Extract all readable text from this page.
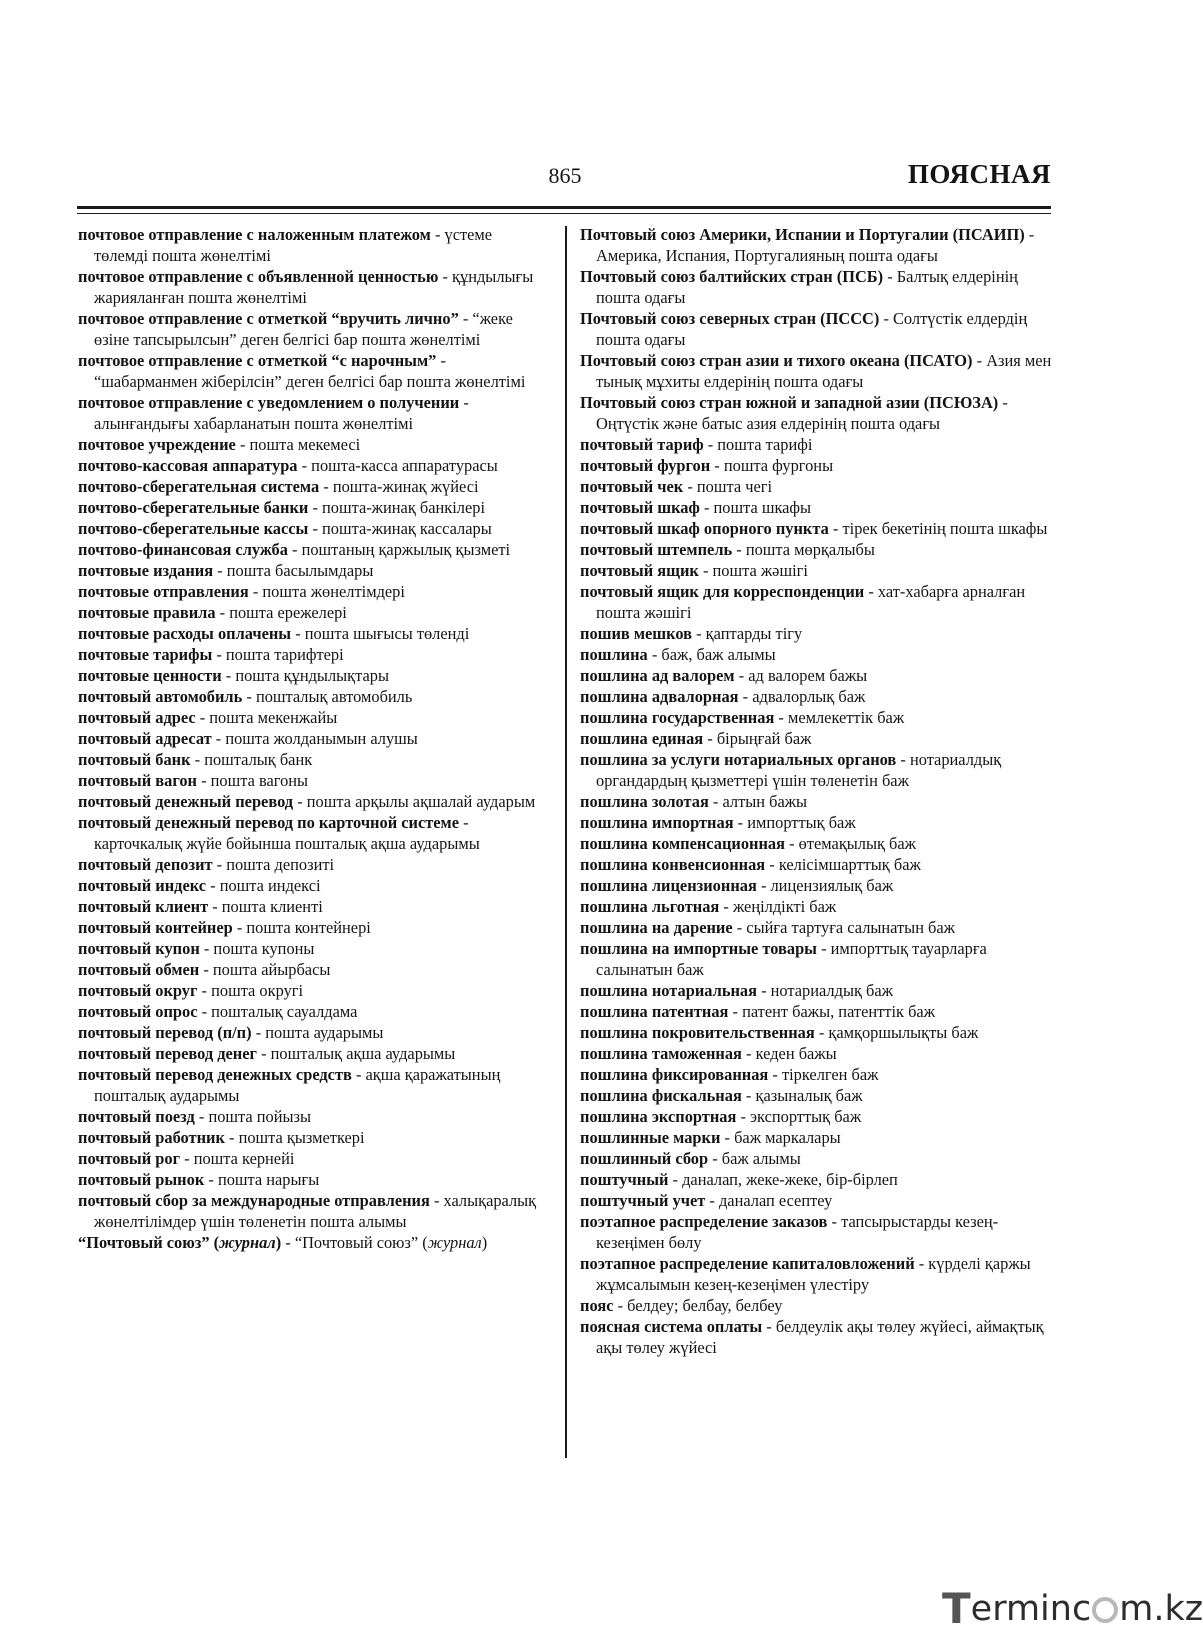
865	ПОЯСНАЯ
почтовое отправление с наложенным платежом - үстеме төлемді пошта жөнелтімі
почтовое отправление с объявленной ценностью - құндылығы жарияланған пошта жөнелтімі
почтовое отправление с отметкой “вручить лично” - “жеке өзіне тапсырылсын” деген белгісі бар пошта жөнелтімі
почтовое отправление с отметкой “с нарочным” - “шабарманмен жіберілсін” деген белгісі бар пошта жөнелтімі
почтовое отправление с уведомлением о получении - алынғандығы хабарланатын пошта жөнелтімі
почтовое учреждение - пошта мекемесі
почтово-кассовая аппаратура - пошта-касса аппаратурасы
почтово-сберегательная система - пошта-жинақ жүйесі
почтово-сберегательные банки - пошта-жинақ банкілері
почтово-сберегательные кассы - пошта-жинақ кассалары
почтово-финансовая служба - поштаның қаржылық қызметі
почтовые издания - пошта басылымдары
почтовые отправления - пошта жөнелтімдері
почтовые правила - пошта ережелері
почтовые расходы оплачены - пошта шығысы төленді
почтовые тарифы - пошта тарифтері
почтовые ценности - пошта құндылықтары
почтовый автомобиль - пошталық автомобиль
почтовый адрес - пошта мекенжайы
почтовый адресат - пошта жолданымын алушы
почтовый банк - пошталық банк
почтовый вагон - пошта вагоны
почтовый денежный перевод - пошта арқылы ақшалай аударым
почтовый денежный перевод по карточной системе - карточкалық жүйе бойынша пошталық ақша аударымы
почтовый депозит - пошта депозиті
почтовый индекс - пошта индексі
почтовый клиент - пошта клиенті
почтовый контейнер - пошта контейнері
почтовый купон - пошта купоны
почтовый обмен - пошта айырбасы
почтовый округ - пошта округі
почтовый опрос - пошталық сауалдама
почтовый перевод (п/п) - пошта аударымы
почтовый перевод денег - пошталық ақша аударымы
почтовый перевод денежных средств - ақша қаражатының пошталық аударымы
почтовый поезд - пошта пойызы
почтовый работник - пошта қызметкері
почтовый рог - пошта кернейі
почтовый рынок - пошта нарығы
почтовый сбор за международные отправления - халықаралық жөнелтілімдер үшін төленетін пошта алымы
“Почтовый союз” (журнал) - “Почтовый союз” (журнал)
Почтовый союз Америки, Испании и Португалии (ПСАИП) - Америка, Испания, Португалияның пошта одағы
Почтовый союз балтийских стран (ПСБ) - Балтық елдерінің пошта одағы
Почтовый союз северных стран (ПССС) - Солтүстік елдердің пошта одағы
Почтовый союз стран азии и тихого океана (ПСАТО) - Азия мен тынық мұхиты елдерінің пошта одағы
Почтовый союз стран южной и западной азии (ПСЮЗА) - Оңтүстік және батыс азия елдерінің пошта одағы
почтовый тариф - пошта тарифі
почтовый фургон - пошта фургоны
почтовый чек - пошта чегі
почтовый шкаф - пошта шкафы
почтовый шкаф опорного пункта - тірек бекетінің пошта шкафы
почтовый штемпель - пошта мөрқалыбы
почтовый ящик - пошта жәшігі
почтовый ящик для корреспонденции - хат-хабарға арналған пошта жәшігі
пошив мешков - қаптарды тігу
пошлина - баж, баж алымы
пошлина ад валорем - ад валорем бажы
пошлина адвалорная - адвалорлық баж
пошлина государственная - мемлекеттік баж
пошлина единая - бірыңғай баж
пошлина за услуги нотариальных органов - нотариалдық органдардың қызметтері үшін төленетін баж
пошлина золотая - алтын бажы
пошлина импортная - импорттық баж
пошлина компенсационная - өтемақылық баж
пошлина конвенсионная - келісімшарттық баж
пошлина лицензионная - лицензиялық баж
пошлина льготная - жеңілдікті баж
пошлина на дарение - сыйға тартуға салынатын баж
пошлина на импортные товары - импорттық тауарларға салынатын баж
пошлина нотариальная - нотариалдық баж
пошлина патентная - патент бажы, патенттік баж
пошлина покровительственная - қамқоршылықты баж
пошлина таможенная - кеден бажы
пошлина фиксированная - тіркелген баж
пошлина фискальная - қазыналық баж
пошлина экспортная - экспорттық баж
пошлинные марки - баж маркалары
пошлинный сбор - баж алымы
поштучный - даналап, жеке-жеке, бір-бірлеп
поштучный учет - даналап есептеу
поэтапное распределение заказов - тапсырыстарды кезең-кезеңімен бөлу
поэтапное распределение капиталовложений - күрделі қаржы жұмсалымын кезең-кезеңімен үлестіру
пояс - белдеу; белбау, белбеу
поясная система оплаты - белдеулік ақы төлеу жүйесі, аймақтық ақы төлеу жүйесі
Terminc m.kz
